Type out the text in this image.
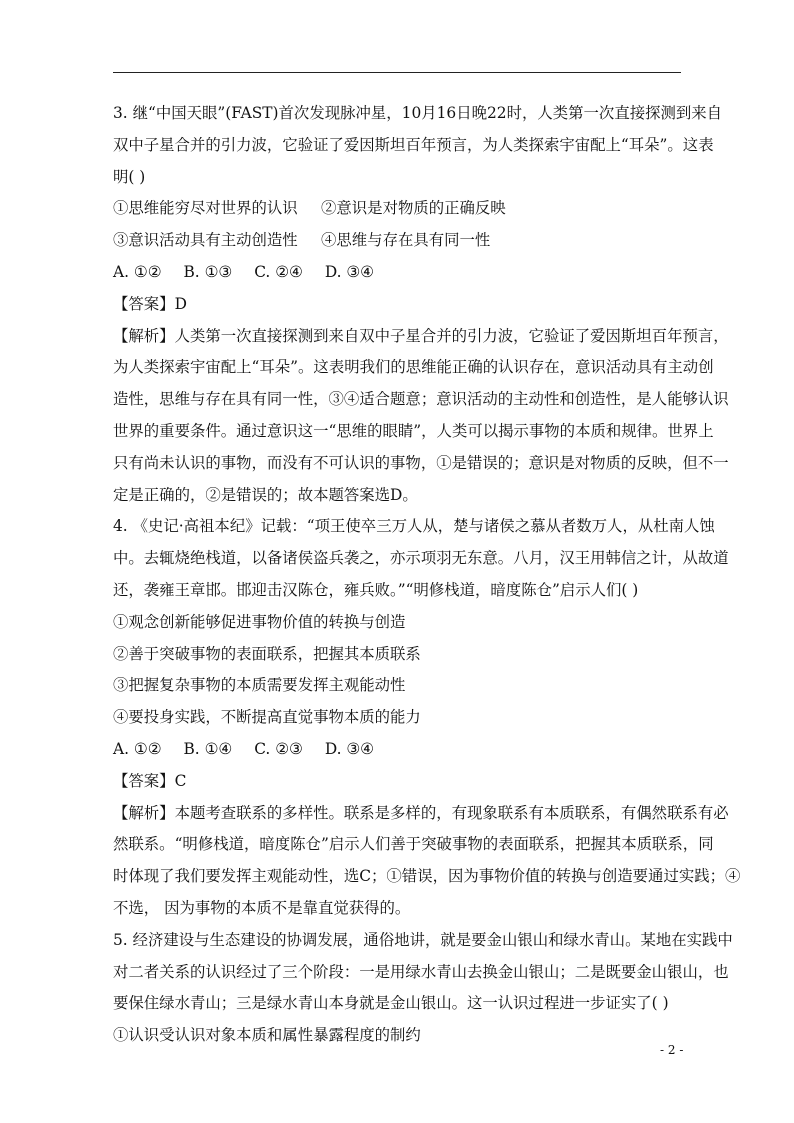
3. 继“中国天眼”(FAST)首次发现脉冲星，10月16日晚22时，人类第一次直接探测到来自
双中子星合并的引力波，它验证了爱因斯坦百年预言，为人类探索宇宙配上“耳朵”。这表
明( )
①思维能穷尽对世界的认识 ②意识是对物质的正确反映
③意识活动具有主动创造性 ④思维与存在具有同一性
A. ①② B. ①③ C. ②④ D. ③④
【答案】D
【解析】人类第一次直接探测到来自双中子星合并的引力波，它验证了爱因斯坦百年预言，
为人类探索宇宙配上“耳朵”。这表明我们的思维能正确的认识存在，意识活动具有主动创
造性，思维与存在具有同一性，③④适合题意；意识活动的主动性和创造性，是人能够认识
世界的重要条件。通过意识这一“思维的眼睛”，人类可以揭示事物的本质和规律。世界上
只有尚未认识的事物，而没有不可认识的事物，①是错误的；意识是对物质的反映，但不一
定是正确的，②是错误的；故本题答案选D。
4. 《史记·高祖本纪》记载：“项王使卒三万人从，楚与诸侯之慕从者数万人，从杜南人蚀
中。去辄烧绝栈道，以备诸侯盗兵袭之，亦示项羽无东意。八月，汉王用韩信之计，从故道
还，袭雍王章邯。邯迎击汉陈仓，雍兵败。”“明修栈道，暗度陈仓”启示人们( )
①观念创新能够促进事物价值的转换与创造
②善于突破事物的表面联系，把握其本质联系
③把握复杂事物的本质需要发挥主观能动性
④要投身实践，不断提高直觉事物本质的能力
A. ①② B. ①④ C. ②③ D. ③④
【答案】C
【解析】本题考查联系的多样性。联系是多样的，有现象联系有本质联系，有偶然联系有必
然联系。“明修栈道，暗度陈仓”启示人们善于突破事物的表面联系，把握其本质联系，同
时体现了我们要发挥主观能动性，选C；①错误，因为事物价值的转换与创造要通过实践；④
不选， 因为事物的本质不是靠直觉获得的。
5. 经济建设与生态建设的协调发展，通俗地讲，就是要金山银山和绿水青山。某地在实践中
对二者关系的认识经过了三个阶段：一是用绿水青山去换金山银山；二是既要金山银山，也
要保住绿水青山；三是绿水青山本身就是金山银山。这一认识过程进一步证实了( )
①认识受认识对象本质和属性暴露程度的制约
- 2 -
